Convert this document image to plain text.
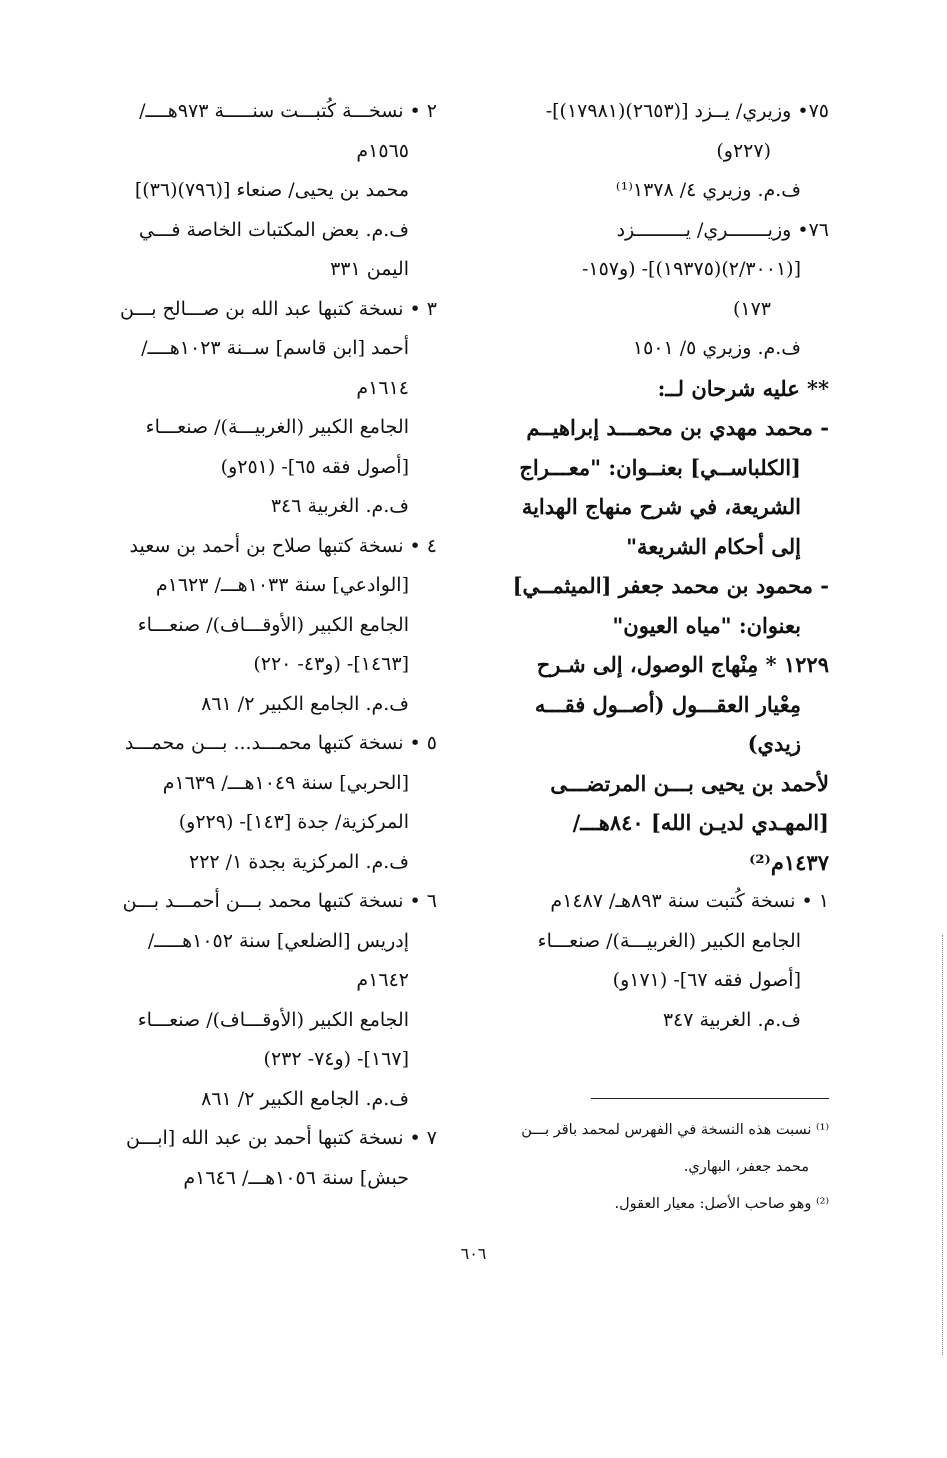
٧٥• وزيري/ يــزد [(٢٦٥٣)(١٧٩٨١)]-
(٢٢٧و)
ف.م. وزيري ٤/ ١٣٧٨⁽¹⁾
٧٦• وزيـــــــري/ يـــــــــزد
[(٢/٣٠٠١)(١٩٣٧٥)]- (و١٥٧-
١٧٣)
ف.م. وزيري ٥/ ١٥٠١
** عليه شرحان لــ:
- محمد مهدي بن محمـــد إبراهيــم
[الكلباســي] بعنــوان: "معـــراج
الشريعة، في شرح منهاج الهداية
إلى أحكام الشريعة"
- محمود بن محمد جعفر [الميثمــي]
بعنوان: "مياه العيون"
١٢٢٩ * مِنْهاج الوصول، إلى شـرح
مِعْيار العقـــول (أصــول فقـــه
زيدي)
لأحمد بن يحيى بـــن المرتضـــى
[المهـدي لديـن الله] ٨٤٠هـــ/
١٤٣٧م⁽²⁾
١ • نسخة كُتبت سنة ٨٩٣هـ/ ١٤٨٧م
الجامع الكبير (الغربيـــة)/ صنعـــاء
[أصول فقه ٦٧]- (١٧١و)
ف.م. الغربية ٣٤٧
٢ • نسخـــة كُتبـــت سنـــــة ٩٧٣هــــ/
١٥٦٥م
محمد بن يحيى/ صنعاء [(٧٩٦)(٣٦)]
ف.م. بعض المكتبات الخاصة فـــي
اليمن ٣٣١
٣ • نسخة كتبها عبد الله بن صـــالح بـــن
أحمد [ابن قاسم] ســنة ١٠٢٣هــــ/
١٦١٤م
الجامع الكبير (الغربيـــة)/ صنعـــاء
[أصول فقه ٦٥]- (٢٥١و)
ف.م. الغربية ٣٤٦
٤ • نسخة كتبها صلاح بن أحمد بن سعيد
[الوادعي] سنة ١٠٣٣هـــ/ ١٦٢٣م
الجامع الكبير (الأوقـــاف)/ صنعـــاء
[١٤٦٣]- (و٤٣- ٢٢٠)
ف.م. الجامع الكبير ٢/ ٨٦١
٥ • نسخة كتبها محمـــد... بـــن محمـــد
[الحربي] سنة ١٠٤٩هـــ/ ١٦٣٩م
المركزية/ جدة [١٤٣]- (٢٢٩و)
ف.م. المركزية بجدة ١/ ٢٢٢
٦ • نسخة كتبها محمد بـــن أحمـــد بـــن
إدريس [الضلعي] سنة ١٠٥٢هـــــ/
١٦٤٢م
الجامع الكبير (الأوقـــاف)/ صنعـــاء
[١٦٧]- (و٧٤- ٢٣٢)
ف.م. الجامع الكبير ٢/ ٨٦١
٧ • نسخة كتبها أحمد بن عبد الله [ابـــن
حبش] سنة ١٠٥٦هـــ/ ١٦٤٦م
⁽¹⁾ نسبت هذه النسخة في الفهرس لمحمد باقر بـــن
محمد جعفر، البهاري.
⁽²⁾ وهو صاحب الأصل: معيار العقول.
٦٠٦
